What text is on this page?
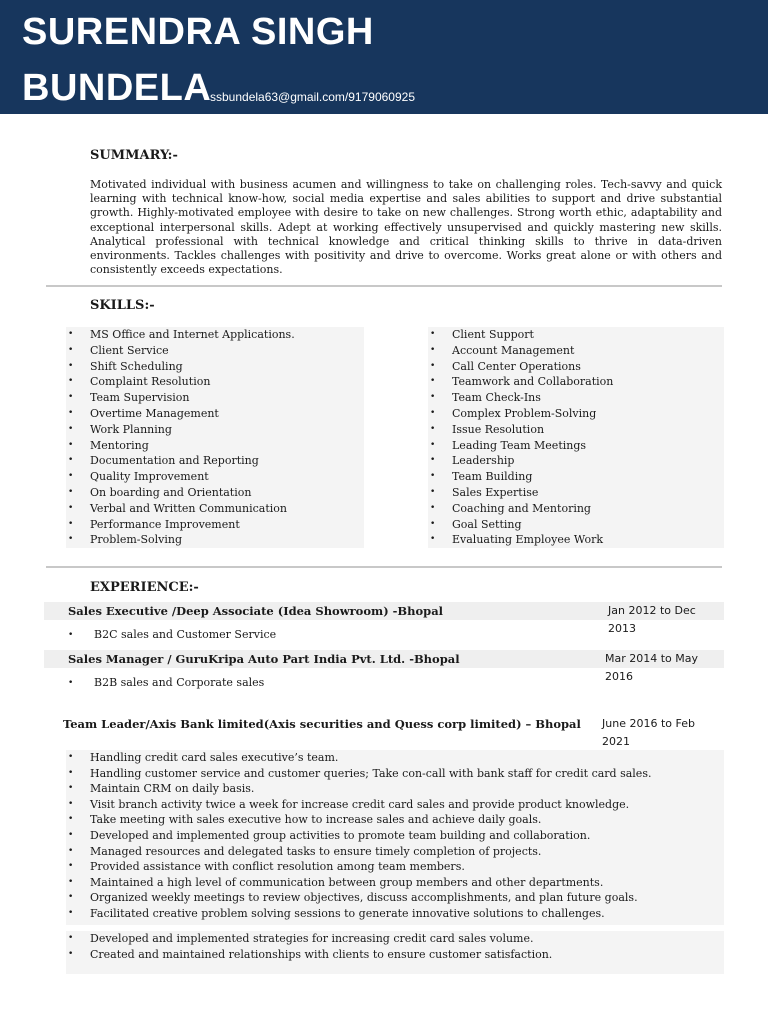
SURENDRA SINGH
BUNDELA
ssbundela63@gmail.com/9179060925
SUMMARY:-
Motivated individual with business acumen and willingness to take on challenging roles. Tech-savvy and quick learning with technical know-how, social media expertise and sales abilities to support and drive substantial growth. Highly-motivated employee with desire to take on new challenges. Strong worth ethic, adaptability and exceptional interpersonal skills. Adept at working effectively unsupervised and quickly mastering new skills. Analytical professional with technical knowledge and critical thinking skills to thrive in data-driven environments. Tackles challenges with positivity and drive to overcome. Works great alone or with others and consistently exceeds expectations.
SKILLS:-
• MS Office and Internet Applications.
• Client Service
• Shift Scheduling
• Complaint Resolution
• Team Supervision
• Overtime Management
• Work Planning
• Mentoring
• Documentation and Reporting
• Quality Improvement
• On boarding and Orientation
• Verbal and Written Communication
• Performance Improvement
• Problem-Solving
• Client Support
• Account Management
• Call Center Operations
• Teamwork and Collaboration
• Team Check-Ins
• Complex Problem-Solving
• Issue Resolution
• Leading Team Meetings
• Leadership
• Team Building
• Sales Expertise
• Coaching and Mentoring
• Goal Setting
• Evaluating Employee Work
EXPERIENCE:-
Sales Executive /Deep Associate (Idea Showroom) -Bhopal	Jan 2012 to Dec 2013
• B2C sales and Customer Service
Sales Manager / GuruKripa Auto Part India Pvt. Ltd. -Bhopal	Mar 2014 to May 2016
• B2B sales and Corporate sales
Team Leader/Axis Bank limited(Axis securities and Quess corp limited) – Bhopal June 2016 to Feb 2021
• Handling credit card sales executive’s team.
• Handling customer service and customer queries; Take con-call with bank staff for credit card sales.
• Maintain CRM on daily basis.
• Visit branch activity twice a week for increase credit card sales and provide product knowledge.
• Take meeting with sales executive how to increase sales and achieve daily goals.
• Developed and implemented group activities to promote team building and collaboration.
• Managed resources and delegated tasks to ensure timely completion of projects.
• Provided assistance with conflict resolution among team members.
• Maintained a high level of communication between group members and other departments.
• Organized weekly meetings to review objectives, discuss accomplishments, and plan future goals.
• Facilitated creative problem solving sessions to generate innovative solutions to challenges.
• Developed and implemented strategies for increasing credit card sales volume.
• Created and maintained relationships with clients to ensure customer satisfaction.
